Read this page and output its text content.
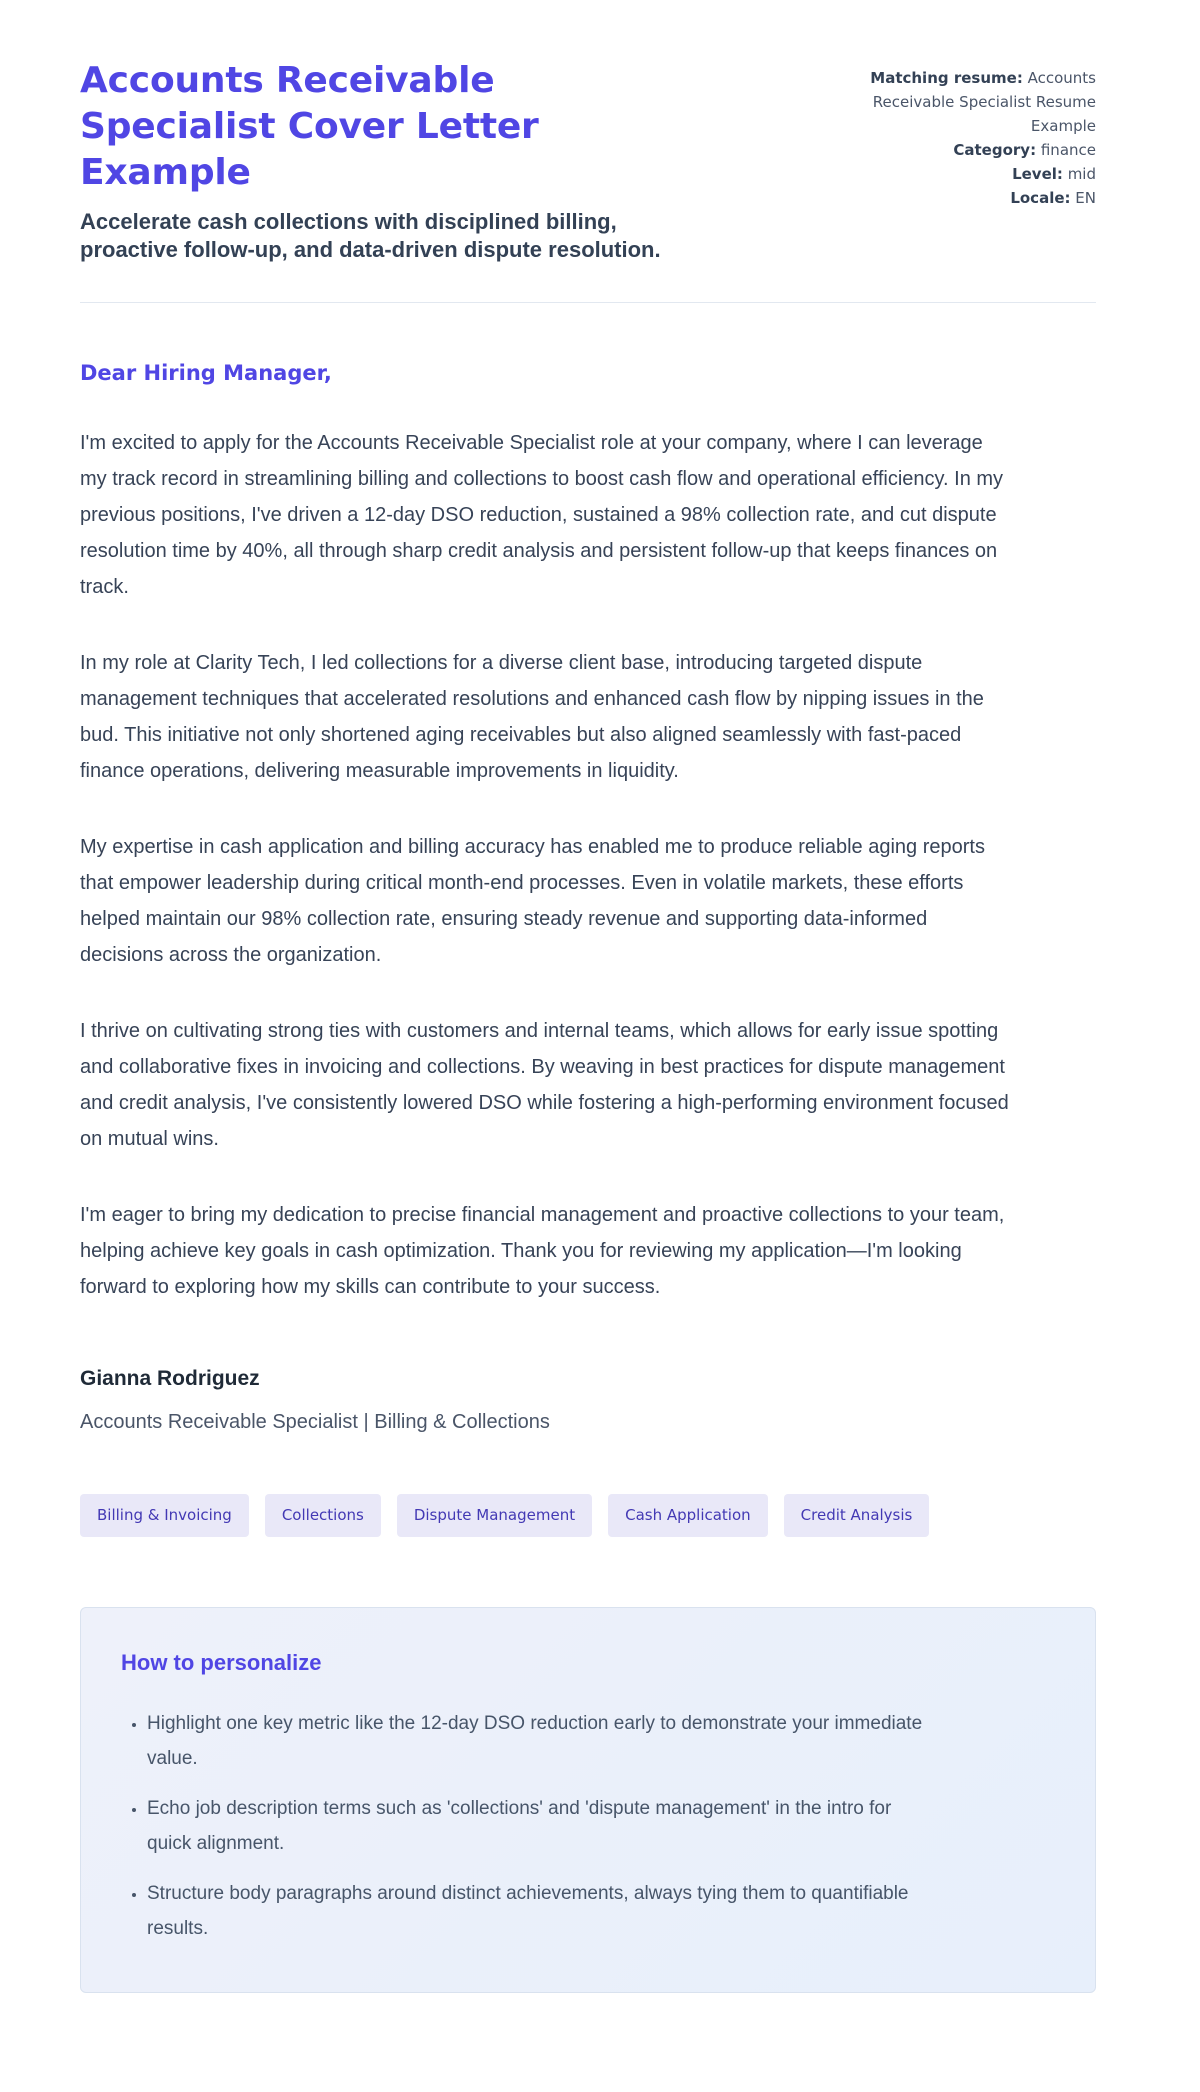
Accounts Receivable Specialist Cover Letter Example

Accelerate cash collections with disciplined billing, proactive follow-up, and data-driven dispute resolution.

Matching resume: Accounts Receivable Specialist Resume Example
Category: finance
Level: mid
Locale: EN

Dear Hiring Manager,

I'm excited to apply for the Accounts Receivable Specialist role at your company, where I can leverage my track record in streamlining billing and collections to boost cash flow and operational efficiency. In my previous positions, I've driven a 12-day DSO reduction, sustained a 98% collection rate, and cut dispute resolution time by 40%, all through sharp credit analysis and persistent follow-up that keeps finances on track.

In my role at Clarity Tech, I led collections for a diverse client base, introducing targeted dispute management techniques that accelerated resolutions and enhanced cash flow by nipping issues in the bud. This initiative not only shortened aging receivables but also aligned seamlessly with fast-paced finance operations, delivering measurable improvements in liquidity.

My expertise in cash application and billing accuracy has enabled me to produce reliable aging reports that empower leadership during critical month-end processes. Even in volatile markets, these efforts helped maintain our 98% collection rate, ensuring steady revenue and supporting data-informed decisions across the organization.

I thrive on cultivating strong ties with customers and internal teams, which allows for early issue spotting and collaborative fixes in invoicing and collections. By weaving in best practices for dispute management and credit analysis, I've consistently lowered DSO while fostering a high-performing environment focused on mutual wins.

I'm eager to bring my dedication to precise financial management and proactive collections to your team, helping achieve key goals in cash optimization. Thank you for reviewing my application—I'm looking forward to exploring how my skills can contribute to your success.

Gianna Rodriguez

Accounts Receivable Specialist | Billing & Collections

Billing & Invoicing	Collections	Dispute Management	Cash Application	Credit Analysis
How to personalize
• Highlight one key metric like the 12-day DSO reduction early to demonstrate your immediate value.
• Echo job description terms such as 'collections' and 'dispute management' in the intro for quick alignment.
• Structure body paragraphs around distinct achievements, always tying them to quantifiable results.
